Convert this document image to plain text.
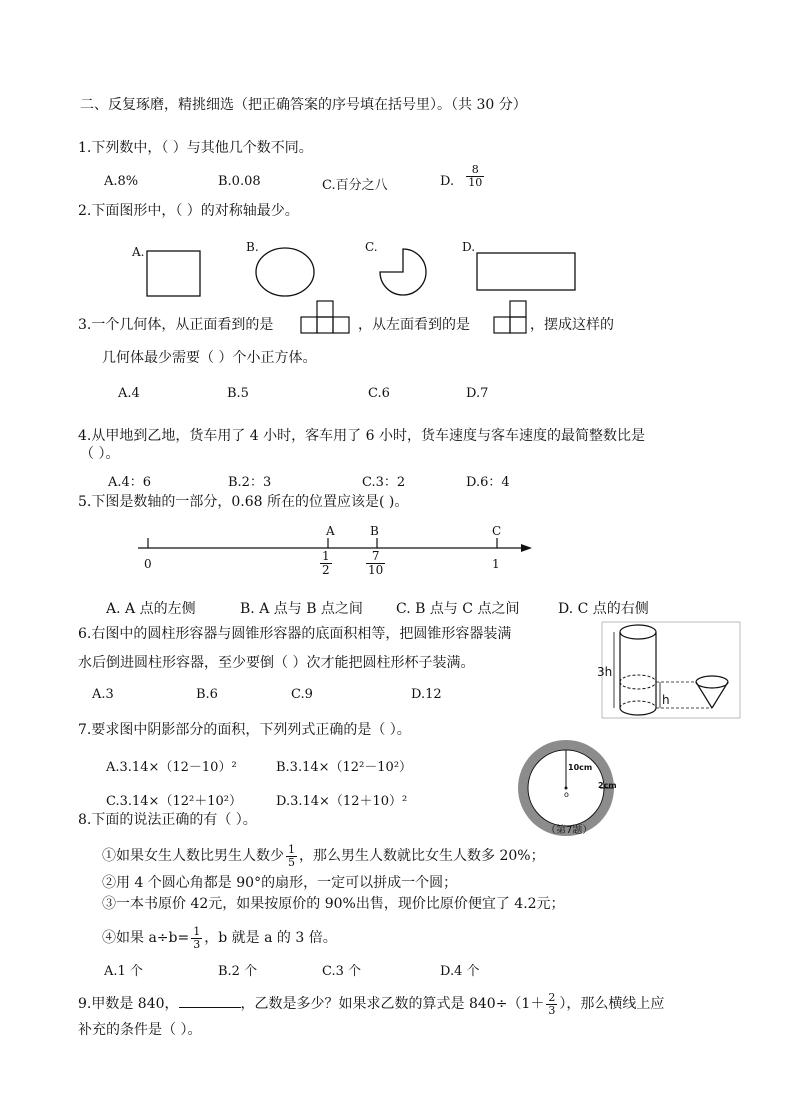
二、反复琢磨，精挑细选（把正确答案的序号填在括号里）。（共 30 分）
1.下列数中，（ ）与其他几个数不同。
A.8%	B.0.08	C.百分之八	D. $\frac{8}{10}$
2.下面图形中，（ ）的对称轴最少。
A.	B.	C.	D.
3.一个几何体，从正面看到的是	，从左面看到的是	，摆成这样的
几何体最少需要（ ）个小正方体。
A.4	B.5	C.6	D.7
4.从甲地到乙地，货车用了 4 小时，客车用了 6 小时，货车速度与客车速度的最简整数比是
（ ）。
A.4：6	B.2：3	C.3：2	D.6：4
5.下图是数轴的一部分，0.68 所在的位置应该是( )。
A	B	C
0	1
$\frac{1}{2}$	$\frac{7}{10}$
A. A 点的左侧	B. A 点与 B 点之间 C. B 点与 C 点之间	D. C 点的右侧
6.右图中的圆柱形容器与圆锥形容器的底面积相等，把圆锥形容器装满
水后倒进圆柱形容器，至少要倒（ ）次才能把圆柱形杯子装满。
A.3	B.6	C.9	D.12
3h
h
7.要求图中阴影部分的面积，下列列式正确的是（ ）。
A.3.14×（12－10）²	B.3.14×（12²－10²）
C.3.14×（12²＋10²）	D.3.14×（12＋10）²
10cm
2cm
o
（第7题）
8.下面的说法正确的有（ ）。
①如果女生人数比男生人数少 $\frac{1}{5}$ ，那么男生人数就比女生人数多 20%；
②用 4 个圆心角都是 90°的扇形，一定可以拼成一个圆；
③一本书原价 42元，如果按原价的 90%出售，现价比原价便宜了 4.2元；
④如果 $a\div b= \frac{1}{3}$ ，b 就是 a 的 3 倍。
A.1 个	B.2 个	C.3 个	D.4 个
9.甲数是 840，	，乙数是多少？如果求乙数的算式是 $840\div(1+ \frac{2}{3}$ ），那么横线上应
补充的条件是（ ）。
